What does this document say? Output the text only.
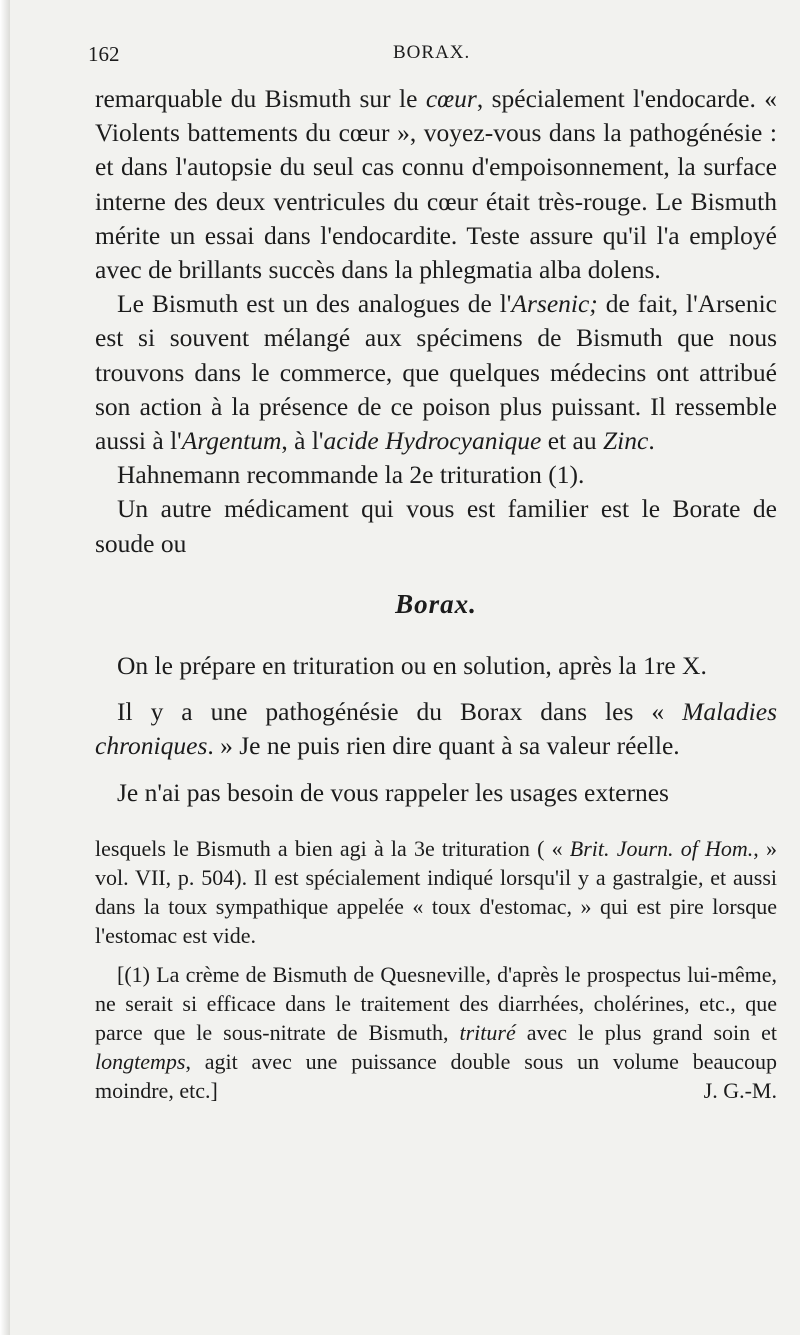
162	BORAX.

remarquable du Bismuth sur le cœur, spécialement l'endocarde. « Violents battements du cœur », voyez-vous dans la pathogénésie : et dans l'autopsie du seul cas connu d'empoisonnement, la surface interne des deux ventricules du cœur était très-rouge. Le Bismuth mérite un essai dans l'endocardite. Teste assure qu'il l'a employé avec de brillants succès dans la phlegmatia alba dolens.

Le Bismuth est un des analogues de l'Arsenic; de fait, l'Arsenic est si souvent mélangé aux spécimens de Bismuth que nous trouvons dans le commerce, que quelques médecins ont attribué son action à la présence de ce poison plus puissant. Il ressemble aussi à l'Argentum, à l'acide Hydrocyanique et au Zinc.

Hahnemann recommande la 2e trituration (1).

Un autre médicament qui vous est familier est le Borate de soude ou

Borax.

On le prépare en trituration ou en solution, après la 1re X.

Il y a une pathogénésie du Borax dans les « Maladies chroniques. » Je ne puis rien dire quant à sa valeur réelle.

Je n'ai pas besoin de vous rappeler les usages externes

lesquels le Bismuth a bien agi à la 3e trituration ( « Brit. Journ. of Hom., » vol. VII, p. 504). Il est spécialement indiqué lorsqu'il y a gastralgie, et aussi dans la toux sympathique appelée « toux d'estomac, » qui est pire lorsque l'estomac est vide.

[(1) La crème de Bismuth de Quesneville, d'après le prospectus lui-même, ne serait si efficace dans le traitement des diarrhées, cholérines, etc., que parce que le sous-nitrate de Bismuth, trituré avec le plus grand soin et longtemps, agit avec une puissance double sous un volume beaucoup moindre, etc.]	J. G.-M.
